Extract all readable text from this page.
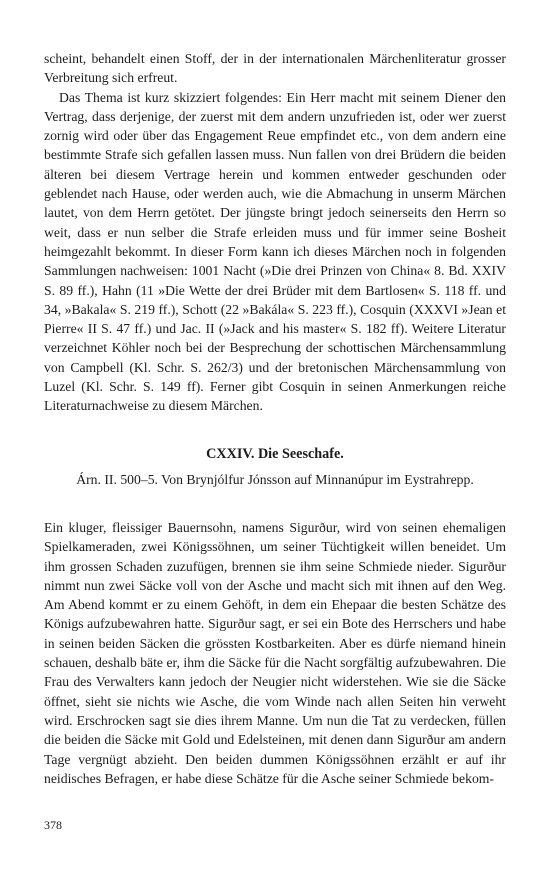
scheint, behandelt einen Stoff, der in der internationalen Märchenliteratur grosser Verbreitung sich erfreut.

Das Thema ist kurz skizziert folgendes: Ein Herr macht mit seinem Diener den Vertrag, dass derjenige, der zuerst mit dem andern unzufrieden ist, oder wer zuerst zornig wird oder über das Engagement Reue empfindet etc., von dem andern eine bestimmte Strafe sich gefallen lassen muss. Nun fallen von drei Brüdern die beiden älteren bei diesem Vertrage herein und kommen entweder geschunden oder geblendet nach Hause, oder werden auch, wie die Abmachung in unserm Märchen lautet, von dem Herrn getötet. Der jüngste bringt jedoch seinerseits den Herrn so weit, dass er nun selber die Strafe erleiden muss und für immer seine Bosheit heimgezahlt bekommt. In dieser Form kann ich dieses Märchen noch in folgenden Sammlungen nachweisen: 1001 Nacht (»Die drei Prinzen von China« 8. Bd. XXIV S. 89 ff.), Hahn (11 »Die Wette der drei Brüder mit dem Bartlosen« S. 118 ff. und 34, »Bakala« S. 219 ff.), Schott (22 »Bakála« S. 223 ff.), Cosquin (XXXVI »Jean et Pierre« II S. 47 ff.) und Jac. II (»Jack and his master« S. 182 ff). Weitere Literatur verzeichnet Köhler noch bei der Besprechung der schottischen Märchensammlung von Campbell (Kl. Schr. S. 262/3) und der bretonischen Märchensammlung von Luzel (Kl. Schr. S. 149 ff). Ferner gibt Cosquin in seinen Anmerkungen reiche Literaturnachweise zu diesem Märchen.

CXXIV. Die Seeschafe.
Árn. II. 500–5. Von Brynjólfur Jónsson auf Minnanúpur im Eystrahrepp.

Ein kluger, fleissiger Bauernsohn, namens Sigurður, wird von seinen ehemaligen Spielkameraden, zwei Königssöhnen, um seiner Tüchtigkeit willen beneidet. Um ihm grossen Schaden zuzufügen, brennen sie ihm seine Schmiede nieder. Sigurður nimmt nun zwei Säcke voll von der Asche und macht sich mit ihnen auf den Weg. Am Abend kommt er zu einem Gehöft, in dem ein Ehepaar die besten Schätze des Königs aufzubewahren hatte. Sigurður sagt, er sei ein Bote des Herrschers und habe in seinen beiden Säcken die grössten Kostbarkeiten. Aber es dürfe niemand hinein schauen, deshalb bäte er, ihm die Säcke für die Nacht sorgfältig aufzubewahren. Die Frau des Verwalters kann jedoch der Neugier nicht widerstehen. Wie sie die Säcke öffnet, sieht sie nichts wie Asche, die vom Winde nach allen Seiten hin verweht wird. Erschrocken sagt sie dies ihrem Manne. Um nun die Tat zu verdecken, füllen die beiden die Säcke mit Gold und Edelsteinen, mit denen dann Sigurður am andern Tage vergnügt abzieht. Den beiden dummen Königssöhnen erzählt er auf ihr neidisches Befragen, er habe diese Schätze für die Asche seiner Schmiede bekom-

378
